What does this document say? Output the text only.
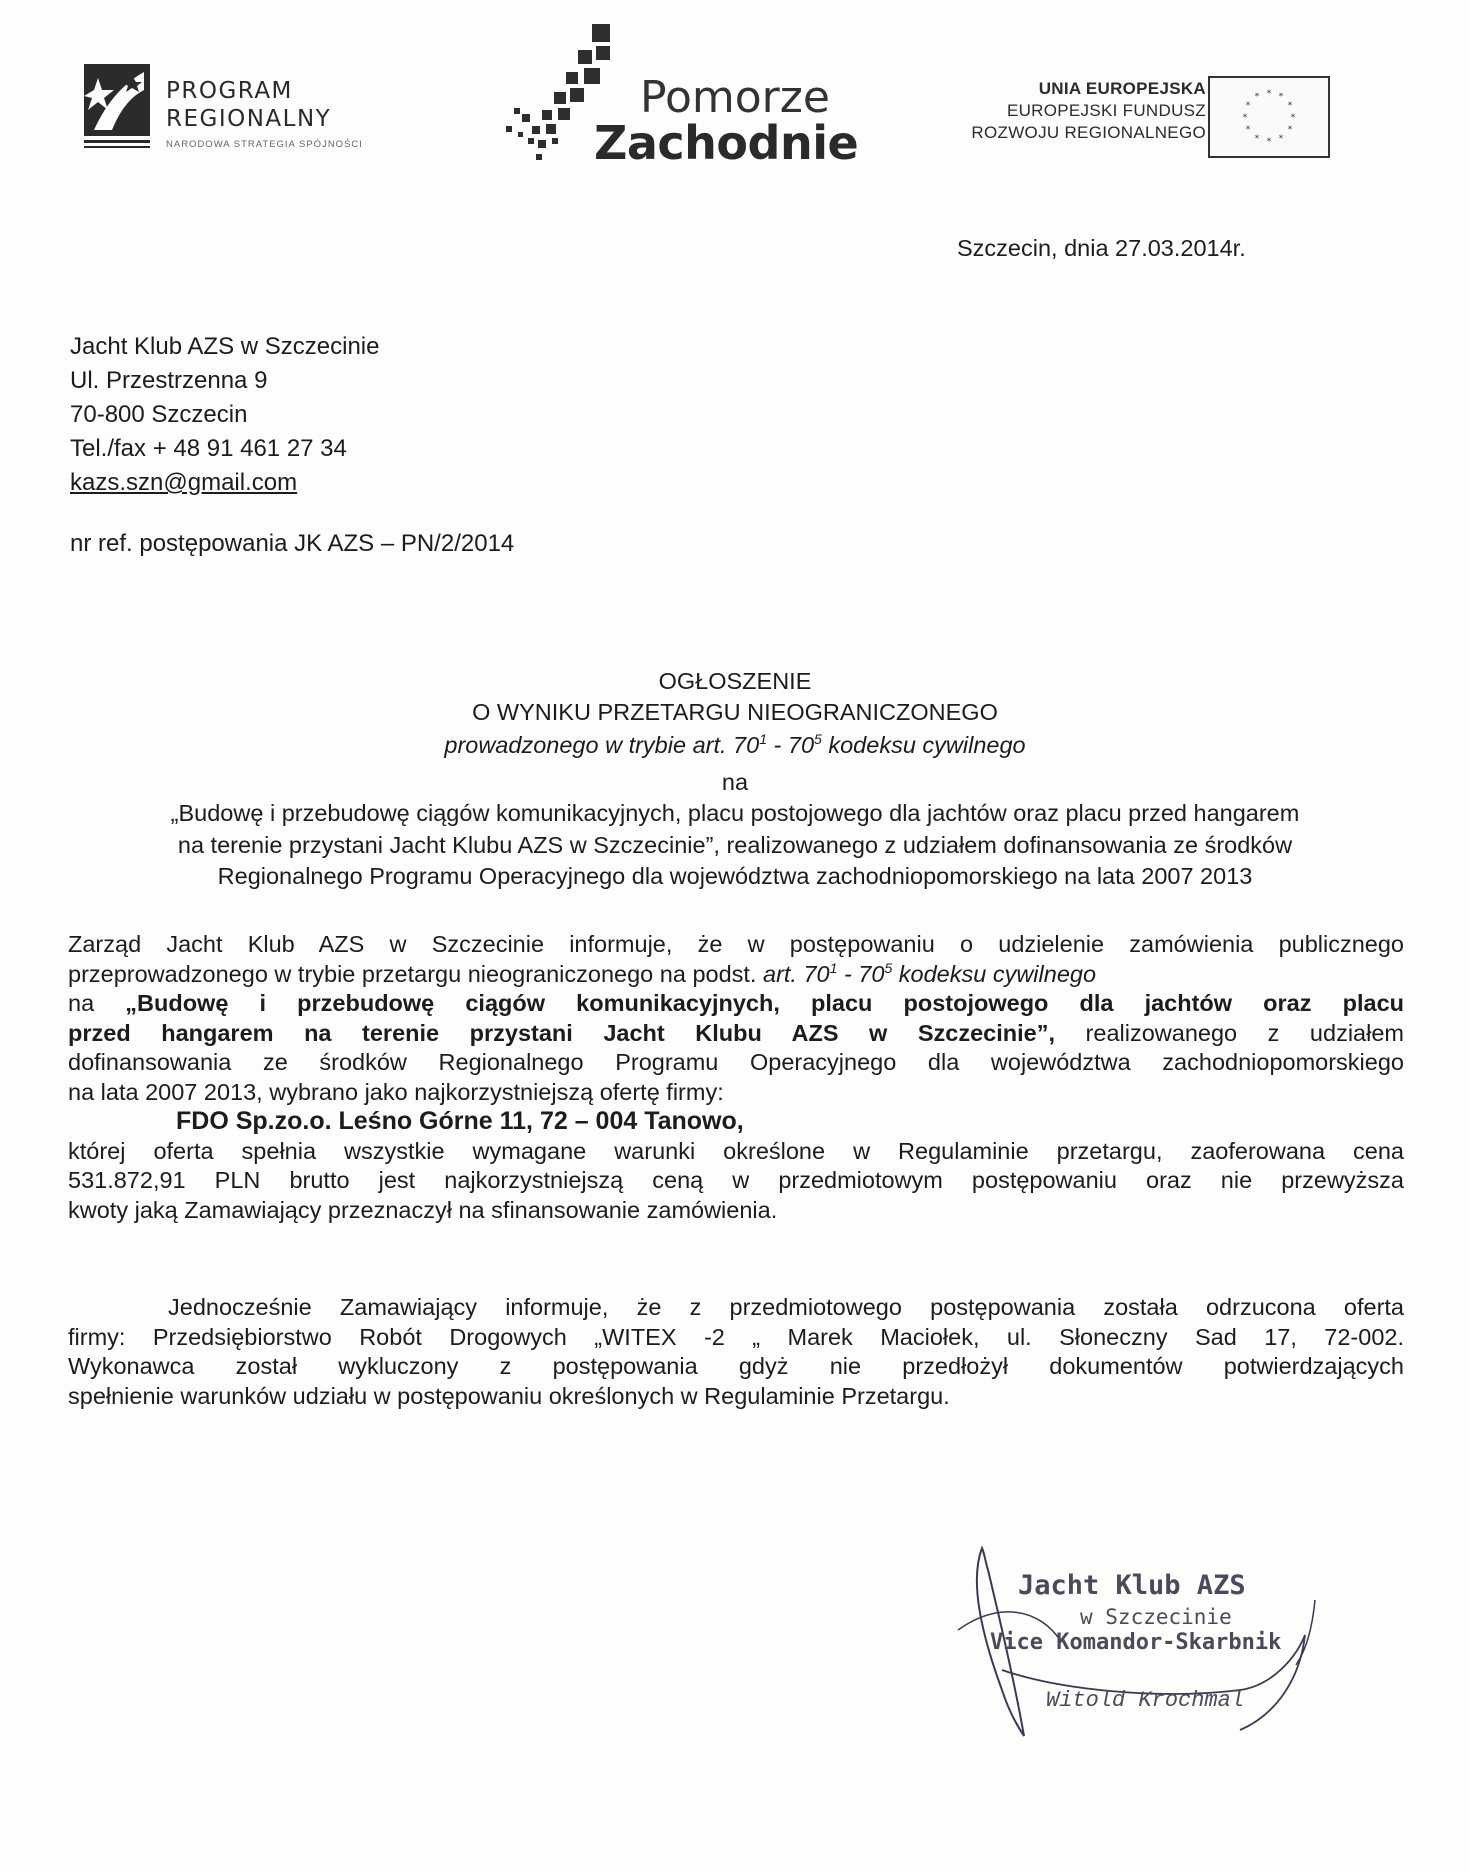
PROGRAM
REGIONALNY
NARODOWA STRATEGIA SPÓJNOŚCI
Pomorze
Zachodnie
UNIA EUROPEJSKA
EUROPEJSKI FUNDUSZ
ROZWOJU REGIONALNEGO
* *
*
*
*
*
*
*
*
*
*
*
Szczecin, dnia 27.03.2014r.
Jacht Klub AZS w Szczecinie
Ul. Przestrzenna 9
70-800 Szczecin
Tel./fax + 48 91 461 27 34
kazs.szn@gmail.com
nr ref. postępowania JK AZS – PN/2/2014
OGŁOSZENIE
O WYNIKU PRZETARGU NIEOGRANICZONEGO
prowadzonego w trybie art. $70^1 - 70^5$ kodeksu cywilnego
na
„Budowę i przebudowę ciągów komunikacyjnych, placu postojowego dla jachtów oraz placu przed hangarem
na terenie przystani Jacht Klubu AZS w Szczecinie”, realizowanego z udziałem dofinansowania ze środków
Regionalnego Programu Operacyjnego dla województwa zachodniopomorskiego na lata 2007 2013
Zarząd Jacht Klub AZS w Szczecinie informuje, że w postępowaniu o udzielenie zamówienia publicznego
przeprowadzonego w trybie przetargu nieograniczonego na podst. art. $70^1 - 70^5$ kodeksu cywilnego
na „Budowę i przebudowę ciągów komunikacyjnych, placu postojowego dla jachtów oraz placu
przed hangarem na terenie przystani Jacht Klubu AZS w Szczecinie”, realizowanego z udziałem
dofinansowania ze środków Regionalnego Programu Operacyjnego dla województwa zachodniopomorskiego
na lata 2007 2013, wybrano jako najkorzystniejszą ofertę firmy:
FDO Sp.zo.o. Leśno Górne 11, 72 – 004 Tanowo,
której oferta spełnia wszystkie wymagane warunki określone w Regulaminie przetargu, zaoferowana cena
531.872,91 PLN brutto jest najkorzystniejszą ceną w przedmiotowym postępowaniu oraz nie przewyższa
kwoty jaką Zamawiający przeznaczył na sfinansowanie zamówienia.
Jednocześnie Zamawiający informuje, że z przedmiotowego postępowania została odrzucona oferta
firmy: Przedsiębiorstwo Robót Drogowych „WITEX -2 „ Marek Maciołek, ul. Słoneczny Sad 17, 72-002.
Wykonawca został wykluczony z postępowania gdyż nie przedłożył dokumentów potwierdzających
spełnienie warunków udziału w postępowaniu określonych w Regulaminie Przetargu.
Jacht Klub AZS
w Szczecinie
Vice Komandor-Skarbnik
Witold Krochmal
